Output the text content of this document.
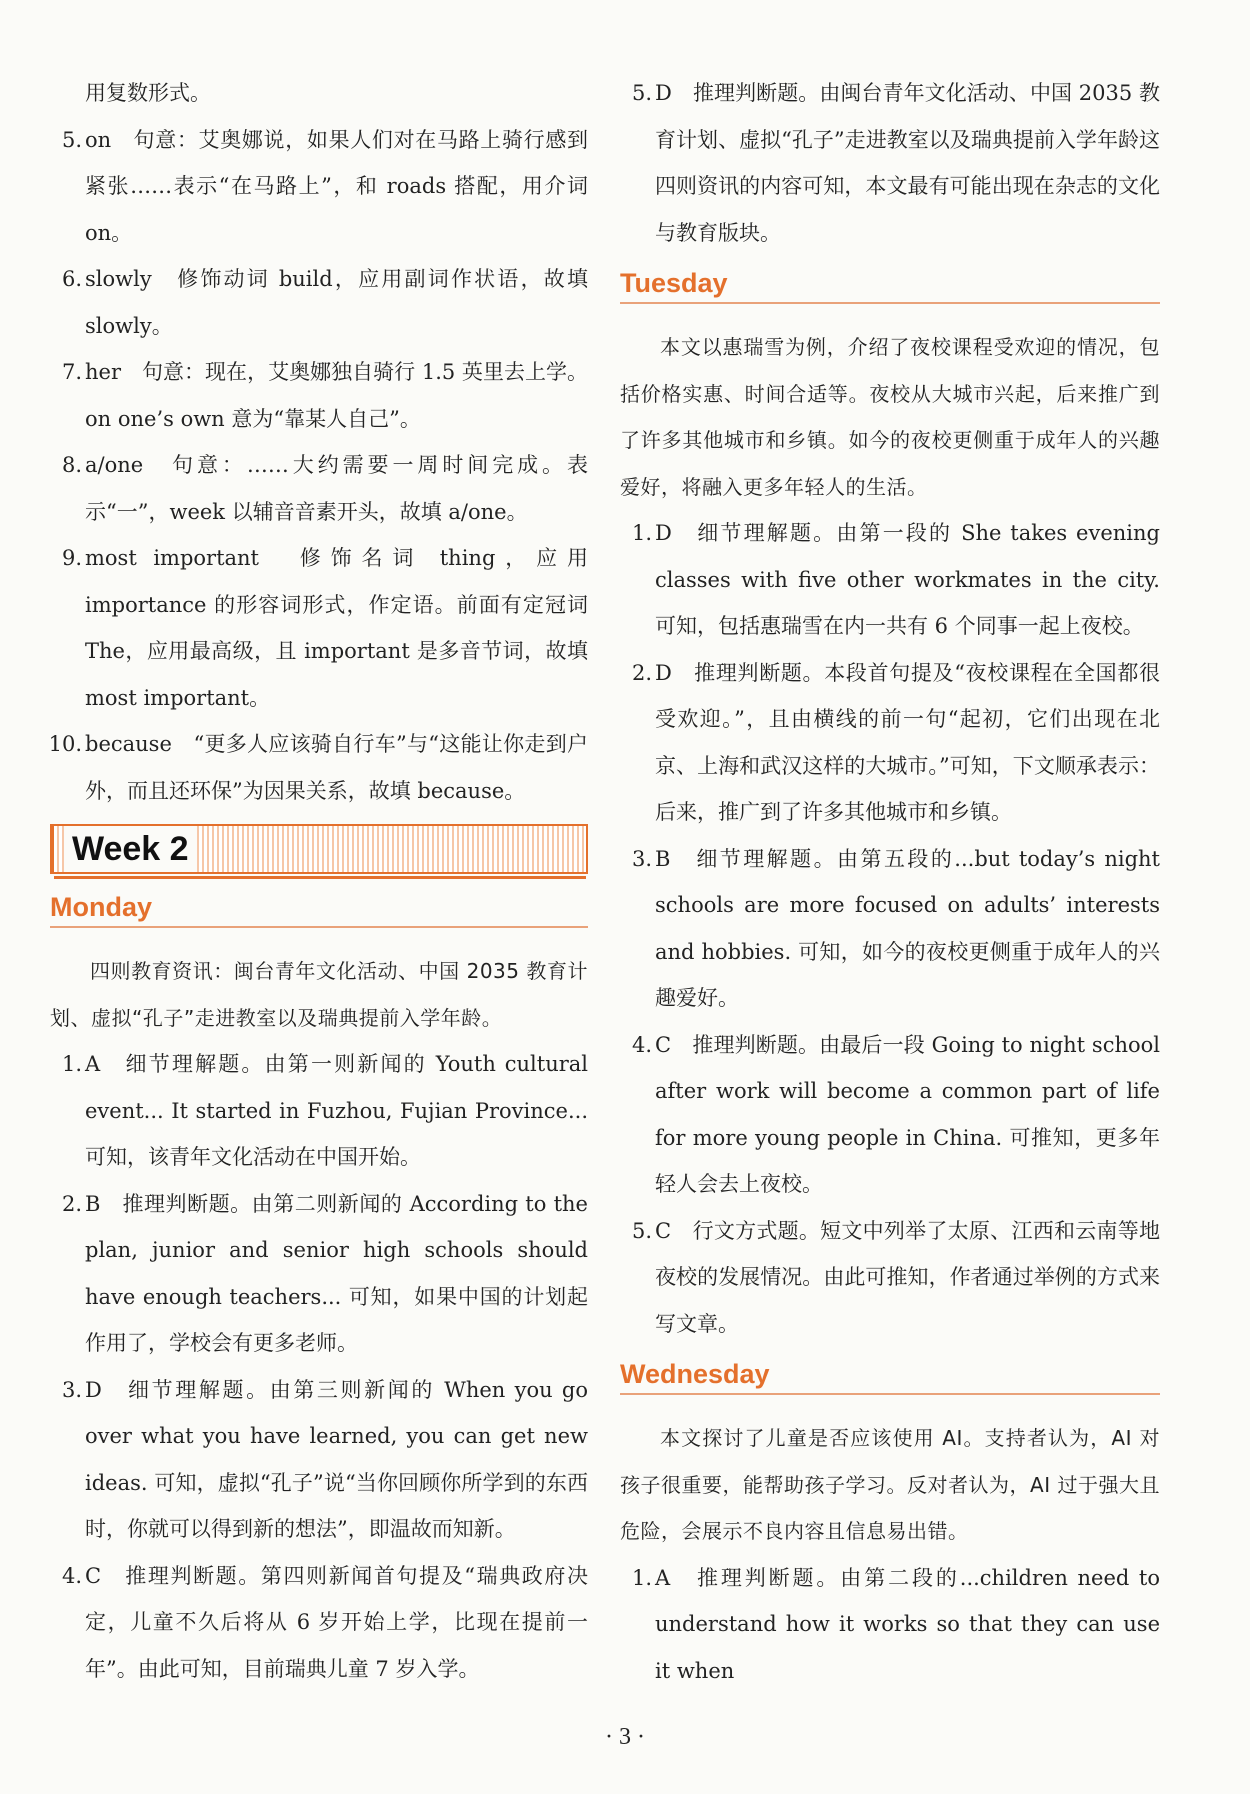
用复数形式。

5. on　句意：艾奥娜说，如果人们对在马路上骑行感到紧张……表示“在马路上”，和 roads 搭配，用介词 on。
6. slowly　修饰动词 build，应用副词作状语，故填 slowly。
7. her　句意：现在，艾奥娜独自骑行 1.5 英里去上学。on one’s own 意为“靠某人自己”。
8. a/one　句意：……大约需要一周时间完成。表示“一”，week 以辅音音素开头，故填 a/one。
9. most important　修饰名词 thing，应用 importance 的形容词形式，作定语。前面有定冠词 The，应用最高级，且 important 是多音节词，故填 most important。
10. because　“更多人应该骑自行车”与“这能让你走到户外，而且还环保”为因果关系，故填 because。
Week 2
Monday

四则教育资讯：闽台青年文化活动、中国 2035 教育计划、虚拟“孔子”走进教室以及瑞典提前入学年龄。

1. A　细节理解题。由第一则新闻的 Youth cultural event... It started in Fuzhou, Fujian Province... 可知，该青年文化活动在中国开始。
2. B　推理判断题。由第二则新闻的 According to the plan, junior and senior high schools should have enough teachers... 可知，如果中国的计划起作用了，学校会有更多老师。
3. D　细节理解题。由第三则新闻的 When you go over what you have learned, you can get new ideas. 可知，虚拟“孔子”说“当你回顾你所学到的东西时，你就可以得到新的想法”，即温故而知新。
4. C　推理判断题。第四则新闻首句提及“瑞典政府决定，儿童不久后将从 6 岁开始上学，比现在提前一年”。由此可知，目前瑞典儿童 7 岁入学。
5. D　推理判断题。由闽台青年文化活动、中国 2035 教育计划、虚拟“孔子”走进教室以及瑞典提前入学年龄这四则资讯的内容可知，本文最有可能出现在杂志的文化与教育版块。
Tuesday

本文以惠瑞雪为例，介绍了夜校课程受欢迎的情况，包括价格实惠、时间合适等。夜校从大城市兴起，后来推广到了许多其他城市和乡镇。如今的夜校更侧重于成年人的兴趣爱好，将融入更多年轻人的生活。

1. D　细节理解题。由第一段的 She takes evening classes with five other workmates in the city. 可知，包括惠瑞雪在内一共有 6 个同事一起上夜校。
2. D　推理判断题。本段首句提及“夜校课程在全国都很受欢迎。”，且由横线的前一句“起初，它们出现在北京、上海和武汉这样的大城市。”可知，下文顺承表示：后来，推广到了许多其他城市和乡镇。
3. B　细节理解题。由第五段的...but today’s night schools are more focused on adults’ interests and hobbies. 可知，如今的夜校更侧重于成年人的兴趣爱好。
4. C　推理判断题。由最后一段 Going to night school after work will become a common part of life for more young people in China. 可推知，更多年轻人会去上夜校。
5. C　行文方式题。短文中列举了太原、江西和云南等地夜校的发展情况。由此可推知，作者通过举例的方式来写文章。
Wednesday

本文探讨了儿童是否应该使用 AI。支持者认为，AI 对孩子很重要，能帮助孩子学习。反对者认为，AI 过于强大且危险，会展示不良内容且信息易出错。

1. A　推理判断题。由第二段的...children need to understand how it works so that they can use it when
· 3 ·
